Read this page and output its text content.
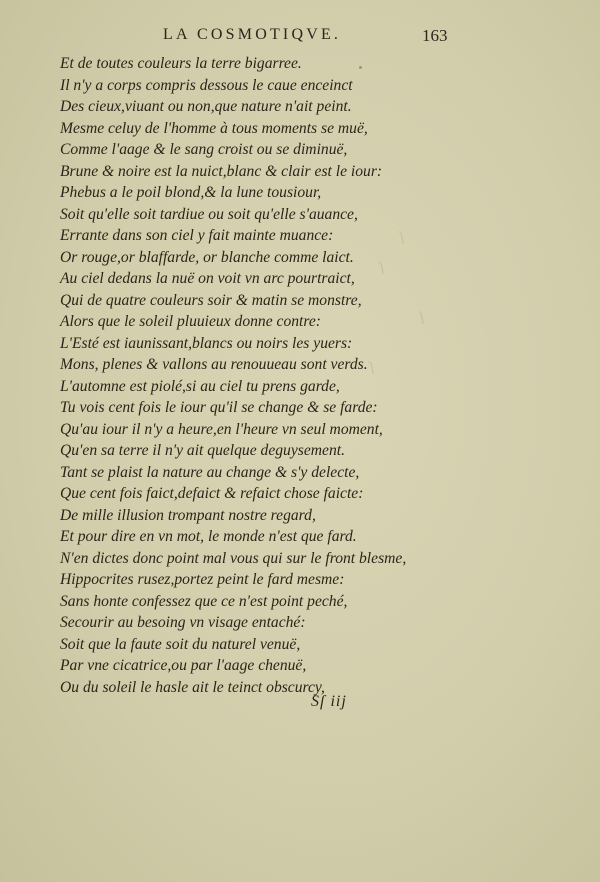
ſ
ſ
ſ
ſ
LA COSMOTIQVE.	163
Et de toutes couleurs la terre bigarree.
Il n'y a corps compris dessous le caue enceinct
Des cieux,viuant ou non,que nature n'ait peint.
Mesme celuy de l'homme à tous moments se muë,
Comme l'aage & le sang croist ou se diminuë,
Brune & noire est la nuict,blanc & clair est le iour:
Phebus a le poil blond,& la lune tousiour,
Soit qu'elle soit tardiue ou soit qu'elle s'auance,
Errante dans son ciel y fait mainte muance:
Or rouge,or blaffarde, or blanche comme laict.
Au ciel dedans la nuë on voit vn arc pourtraict,
Qui de quatre couleurs soir & matin se monstre,
Alors que le soleil pluuieux donne contre:
L'Esté est iaunissant,blancs ou noirs les yuers:
Mons, plenes & vallons au renouueau sont verds.
L'automne est piolé,si au ciel tu prens garde,
Tu vois cent fois le iour qu'il se change & se farde:
Qu'au iour il n'y a heure,en l'heure vn seul moment,
Qu'en sa terre il n'y ait quelque deguysement.
Tant se plaist la nature au change & s'y delecte,
Que cent fois faict,defaict & refaict chose faicte:
De mille illusion trompant nostre regard,
Et pour dire en vn mot, le monde n'est que fard.
N'en dictes donc point mal vous qui sur le front blesme,
Hippocrites rusez,portez peint le fard mesme:
Sans honte confessez que ce n'est point peché,
Secourir au besoing vn visage entaché:
Soit que la faute soit du naturel venuë,
Par vne cicatrice,ou par l'aage chenuë,
Ou du soleil le hasle ait le teinct obscurcy,
Sſ iij
